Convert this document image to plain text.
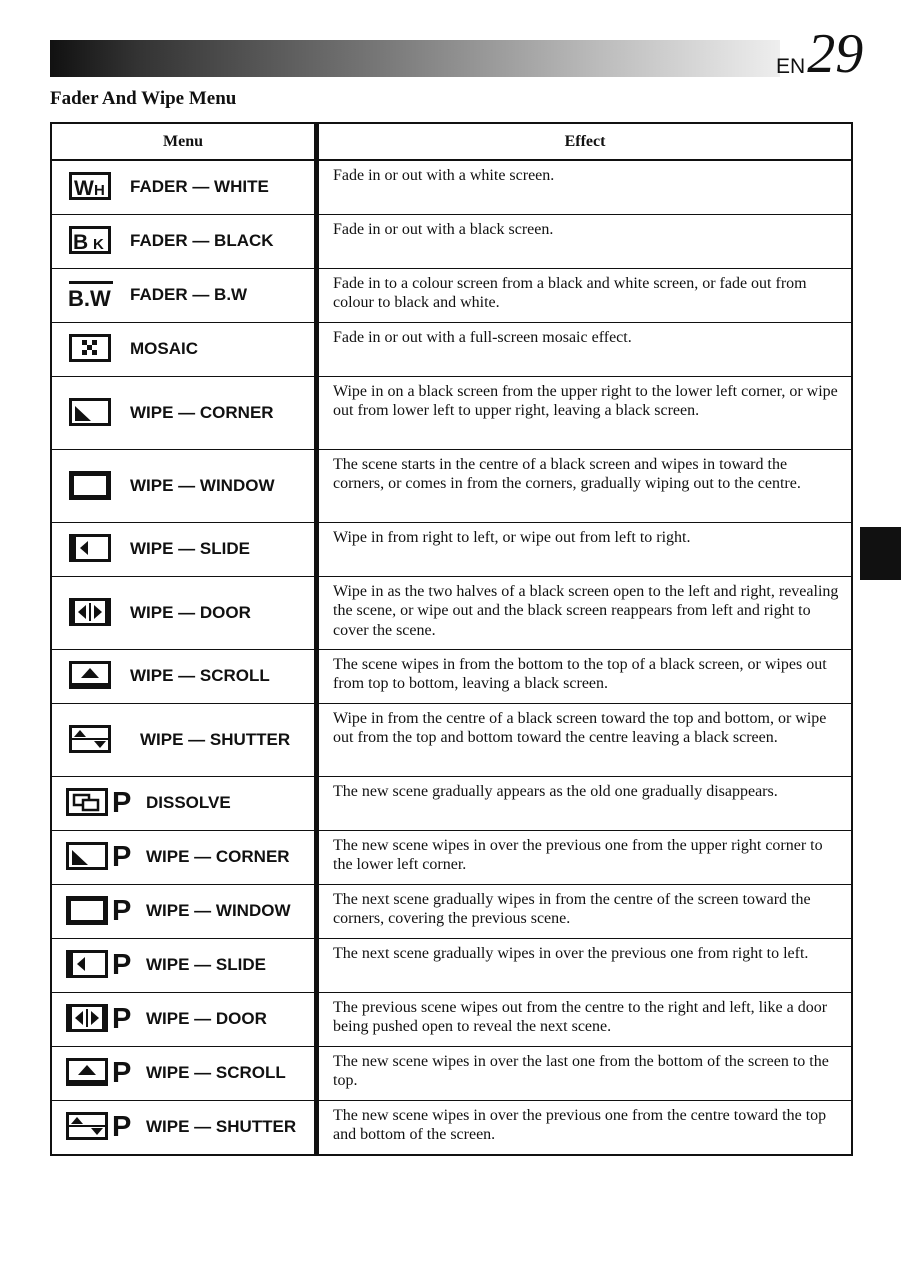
EN29
Fader And Wipe Menu
Menu	Effect

W H FADER — WHITE	Fade in or out with a white screen.

B K FADER — BLACK	Fade in or out with a black screen.

B.W FADER — B.W	Fade in to a colour screen from a black and white screen, or fade out from colour to black and white.

MOSAIC	Fade in or out with a full-screen mosaic effect.

WIPE — CORNER	Wipe in on a black screen from the upper right to the lower left corner, or wipe out from lower left to upper right, leaving a black screen.

WIPE — WINDOW	The scene starts in the centre of a black screen and wipes in toward the corners, or comes in from the corners, gradually wiping out to the centre.

WIPE — SLIDE	Wipe in from right to left, or wipe out from left to right.

WIPE — DOOR	Wipe in as the two halves of a black screen open to the left and right, revealing the scene, or wipe out and the black screen reappears from left and right to cover the scene.

WIPE — SCROLL	The scene wipes in from the bottom to the top of a black screen, or wipes out from top to bottom, leaving a black screen.

WIPE — SHUTTER	Wipe in from the centre of a black screen toward the top and bottom, or wipe out from the top and bottom toward the centre leaving a black screen.

P DISSOLVE	The new scene gradually appears as the old one gradually disappears.

P WIPE — CORNER	The new scene wipes in over the previous one from the upper right corner to the lower left corner.

P WIPE — WINDOW	The next scene gradually wipes in from the centre of the screen toward the corners, covering the previous scene.

P WIPE — SLIDE	The next scene gradually wipes in over the previous one from right to left.

P WIPE — DOOR	The previous scene wipes out from the centre to the right and left, like a door being pushed open to reveal the next scene.

P WIPE — SCROLL	The new scene wipes in over the last one from the bottom of the screen to the top.

P WIPE — SHUTTER	The new scene wipes in over the previous one from the centre toward the top and bottom of the screen.
